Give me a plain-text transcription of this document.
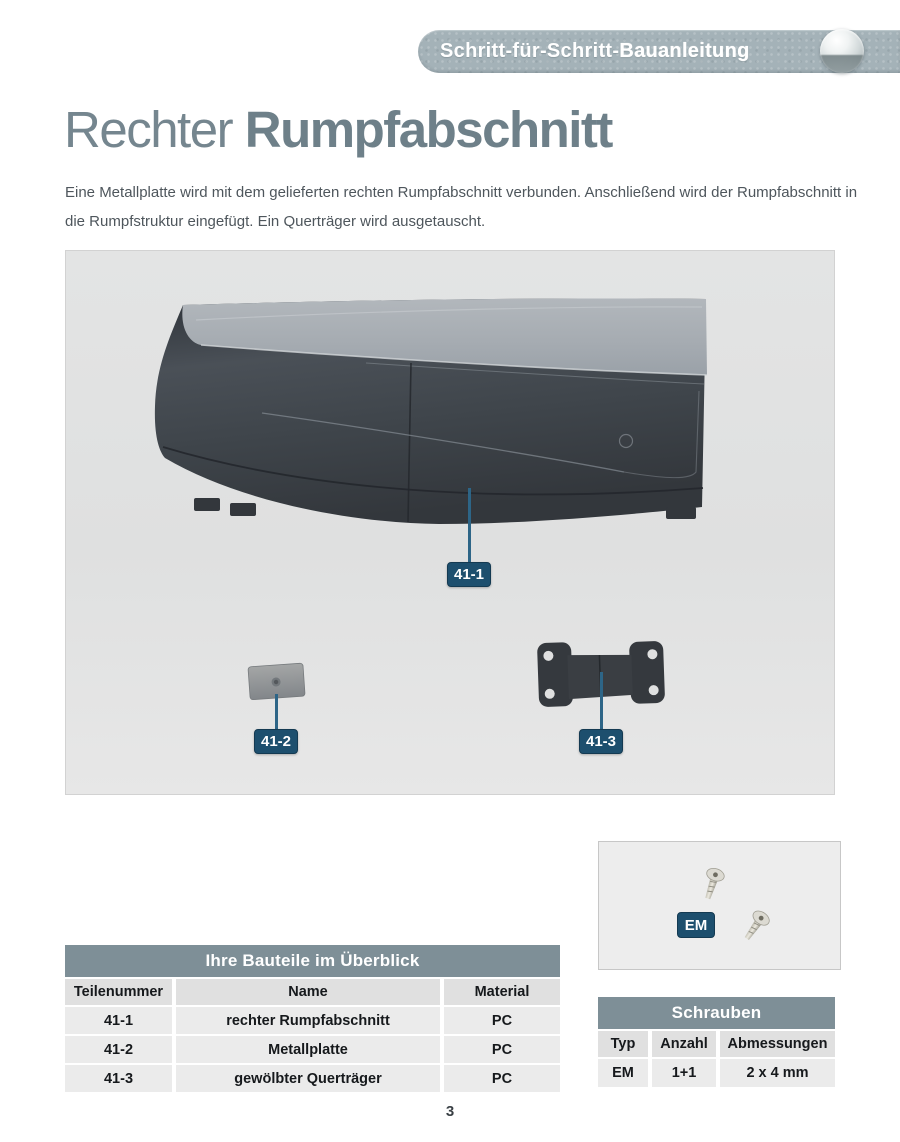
Schritt-für-Schritt-Bauanleitung
Rechter Rumpfabschnitt

Eine Metallplatte wird mit dem gelieferten rechten Rumpfabschnitt verbunden. Anschließend wird der Rumpfabschnitt in die Rumpfstruktur eingefügt. Ein Querträger wird ausgetauscht.

41-1
41-2	41-3
EM
Ihre Bauteile im Überblick
Teilenummer	Name	Material
41-1	rechter Rumpfabschnitt	PC
41-2	Metallplatte	PC
41-3	gewölbter Querträger	PC
Schrauben
Typ	Anzahl	Abmessungen
EM	1+1	2 x 4 mm
3
